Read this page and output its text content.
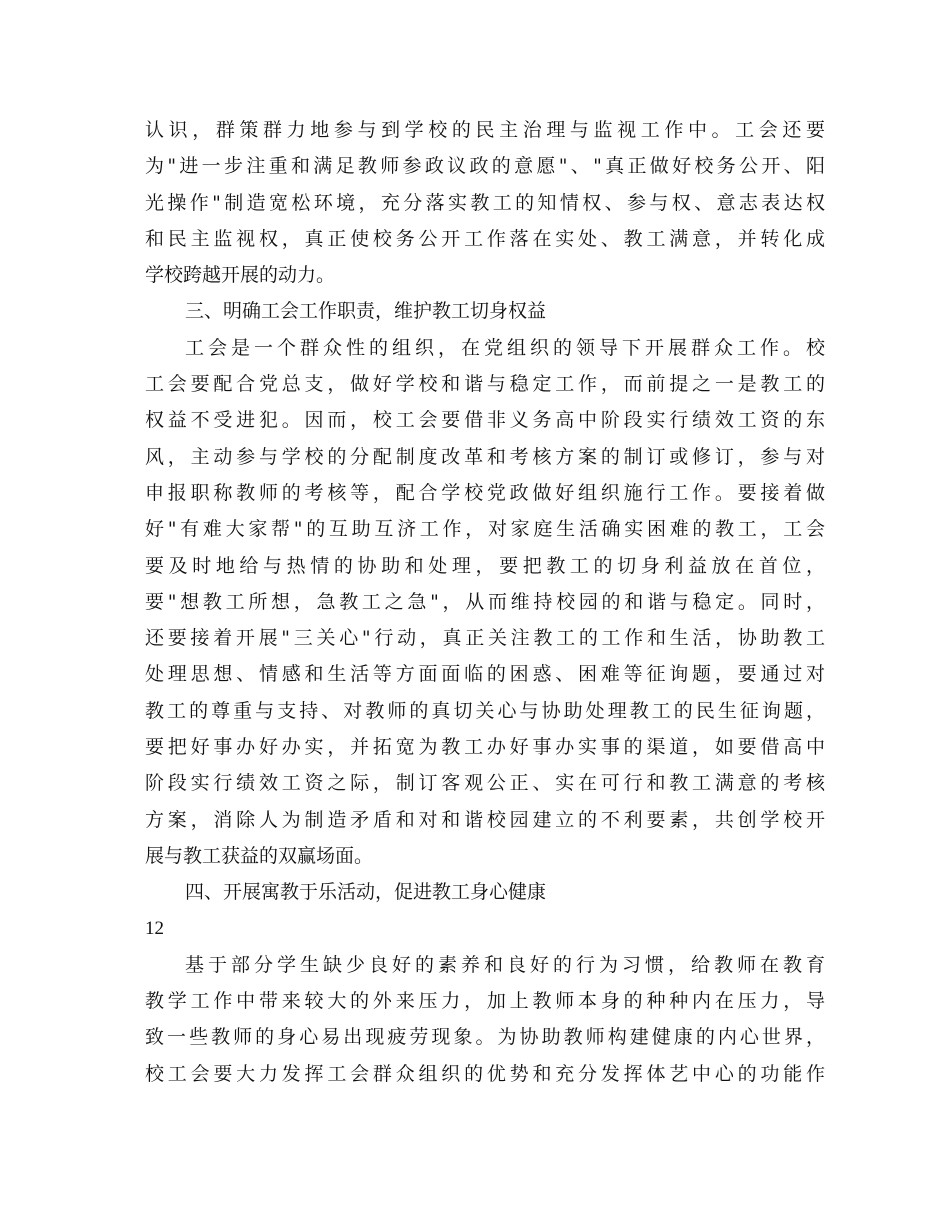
认识，群策群力地参与到学校的民主治理与监视工作中。工会还要
为"进一步注重和满足教师参政议政的意愿"、"真正做好校务公开、阳
光操作"制造宽松环境，充分落实教工的知情权、参与权、意志表达权
和民主监视权，真正使校务公开工作落在实处、教工满意，并转化成
学校跨越开展的动力。
三、明确工会工作职责，维护教工切身权益
工会是一个群众性的组织，在党组织的领导下开展群众工作。校
工会要配合党总支，做好学校和谐与稳定工作，而前提之一是教工的
权益不受进犯。因而，校工会要借非义务高中阶段实行绩效工资的东
风，主动参与学校的分配制度改革和考核方案的制订或修订，参与对
申报职称教师的考核等，配合学校党政做好组织施行工作。要接着做
好"有难大家帮"的互助互济工作，对家庭生活确实困难的教工，工会
要及时地给与热情的协助和处理，要把教工的切身利益放在首位，
要"想教工所想，急教工之急"，从而维持校园的和谐与稳定。同时，
还要接着开展"三关心"行动，真正关注教工的工作和生活，协助教工
处理思想、情感和生活等方面面临的困惑、困难等征询题，要通过对
教工的尊重与支持、对教师的真切关心与协助处理教工的民生征询题，
要把好事办好办实，并拓宽为教工办好事办实事的渠道，如要借高中
阶段实行绩效工资之际，制订客观公正、实在可行和教工满意的考核
方案，消除人为制造矛盾和对和谐校园建立的不利要素，共创学校开
展与教工获益的双赢场面。
四、开展寓教于乐活动，促进教工身心健康
12
基于部分学生缺少良好的素养和良好的行为习惯，给教师在教育
教学工作中带来较大的外来压力，加上教师本身的种种内在压力，导
致一些教师的身心易出现疲劳现象。为协助教师构建健康的内心世界，
校工会要大力发挥工会群众组织的优势和充分发挥体艺中心的功能作
